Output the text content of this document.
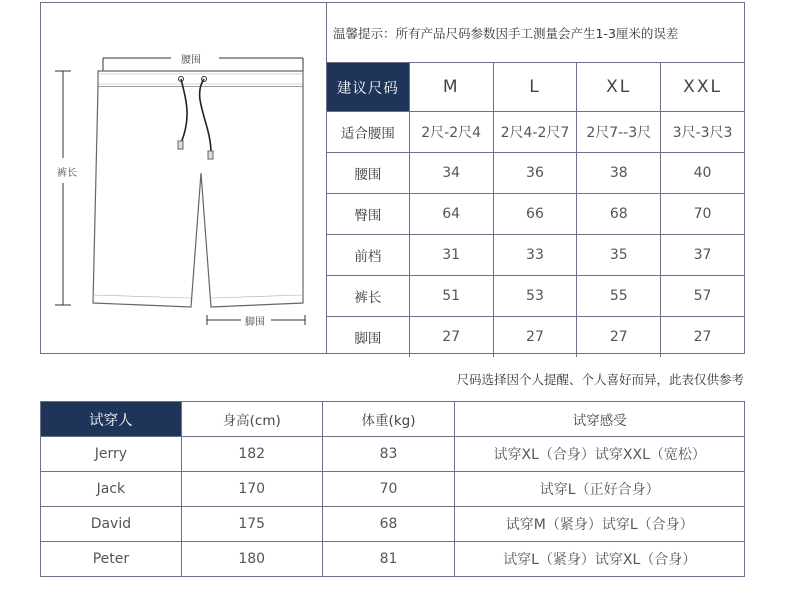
腰围
裤长
脚围
温馨提示：所有产品尺码参数因手工测量会产生1-3厘米的误差
建议尺码	M	L	XL	XXL
适合腰围	2尺-2尺4	2尺4-2尺7	2尺7--3尺	3尺-3尺3
腰围	34	36	38	40
臀围	64	66	68	70
前档	31	33	35	37
裤长	51	53	55	57
脚围	27	27	27	27
尺码选择因个人提醒、个人喜好而异，此表仅供参考
试穿人	身高(cm)	体重(kg)	试穿感受
Jerry	182	83	试穿XL（合身）试穿XXL（宽松）
Jack	170	70	试穿L（正好合身）
David	175	68	试穿M（紧身）试穿L（合身）
Peter	180	81	试穿L（紧身）试穿XL（合身）
